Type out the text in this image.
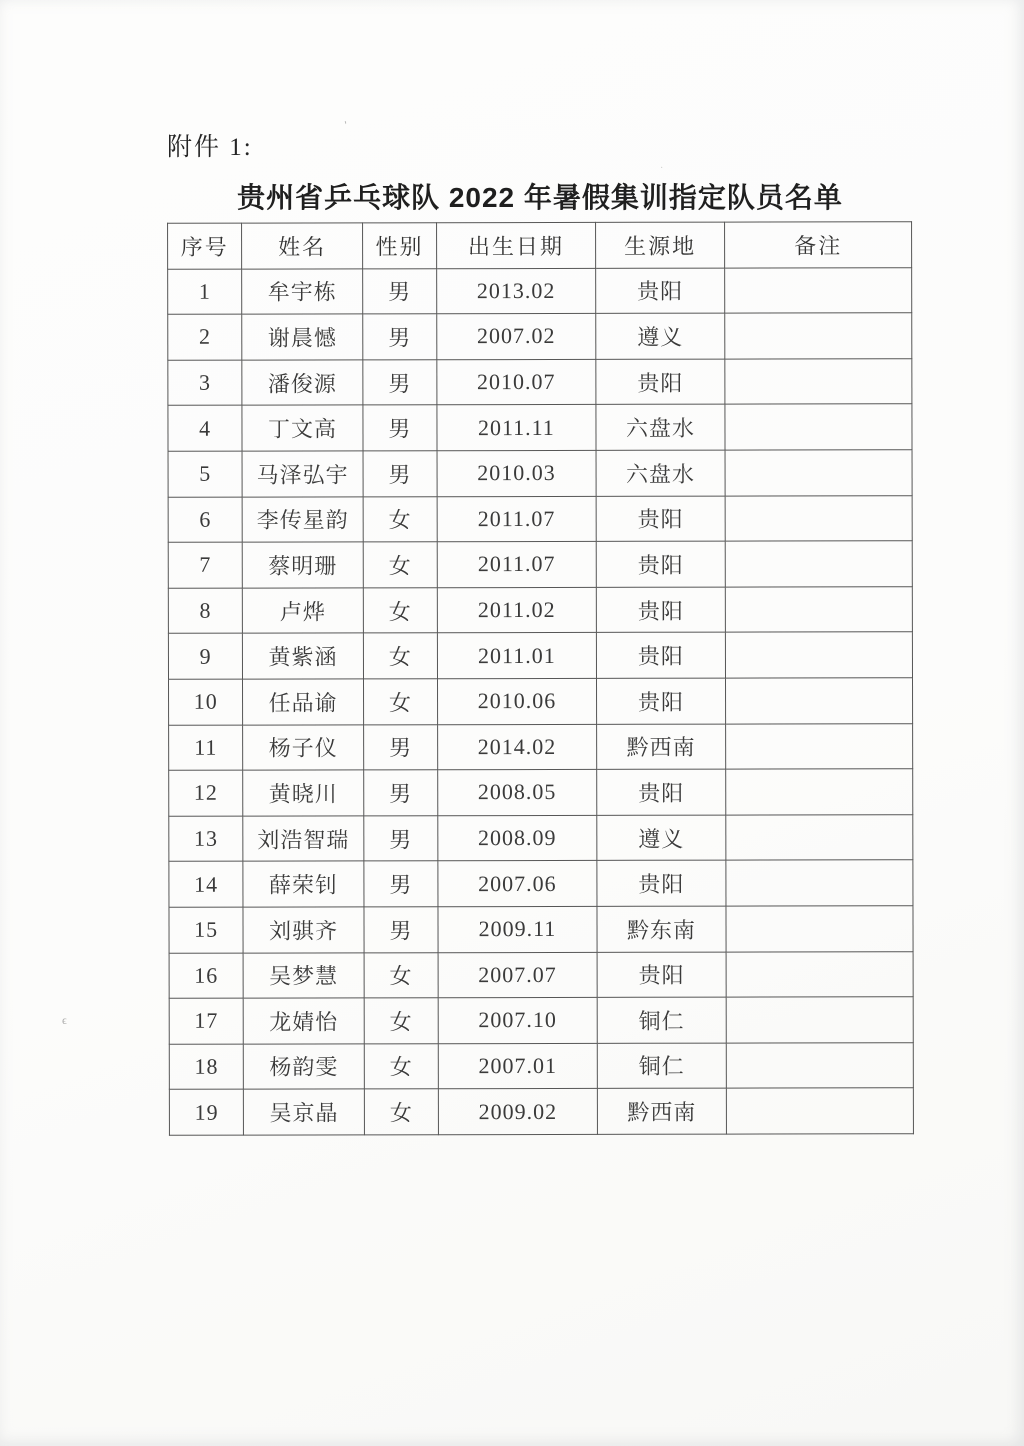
附件 1:
贵州省乒乓球队 2022 年暑假集训指定队员名单
序号	姓名	性别	出生日期	生源地	备注
1	牟宇栋	男	2013.02	贵阳	
2	谢晨憾	男	2007.02	遵义	
3	潘俊源	男	2010.07	贵阳	
4	丁文高	男	2011.11	六盘水	
5	马泽弘宇	男	2010.03	六盘水	
6	李传星韵	女	2011.07	贵阳	
7	蔡明珊	女	2011.07	贵阳	
8	卢烨	女	2011.02	贵阳	
9	黄紫涵	女	2011.01	贵阳	
10	任品谕	女	2010.06	贵阳	
11	杨子仪	男	2014.02	黔西南	
12	黄晓川	男	2008.05	贵阳	
13	刘浩智瑞	男	2008.09	遵义	
14	薛荣钊	男	2007.06	贵阳	
15	刘骐齐	男	2009.11	黔东南	
16	吴梦慧	女	2007.07	贵阳	
17	龙婧怡	女	2007.10	铜仁	
18	杨韵雯	女	2007.01	铜仁	
19	吴京晶	女	2009.02	黔西南	
`
ϵ
·
